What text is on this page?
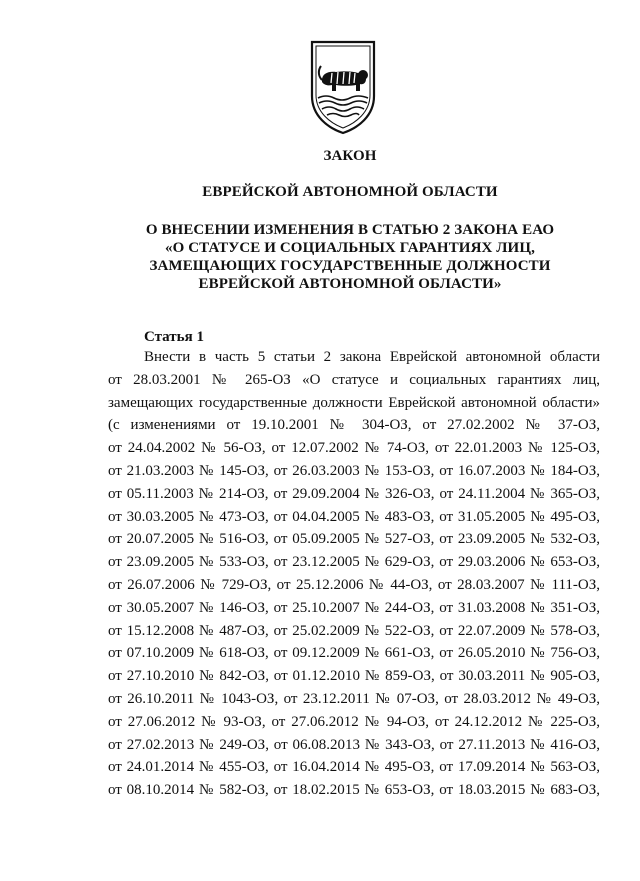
ЗАКОН
ЕВРЕЙСКОЙ АВТОНОМНОЙ ОБЛАСТИ
О ВНЕСЕНИИ ИЗМЕНЕНИЯ В СТАТЬЮ 2 ЗАКОНА ЕАО
«О СТАТУСЕ И СОЦИАЛЬНЫХ ГАРАНТИЯХ ЛИЦ,
ЗАМЕЩАЮЩИХ ГОСУДАРСТВЕННЫЕ ДОЛЖНОСТИ
ЕВРЕЙСКОЙ АВТОНОМНОЙ ОБЛАСТИ»
Статья 1
Внести в часть 5 статьи 2 закона Еврейской автономной области
от 28.03.2001 № 265-ОЗ «О статусе и социальных гарантиях лиц,
замещающих государственные должности Еврейской автономной области»
(с изменениями от 19.10.2001 № 304-ОЗ, от 27.02.2002 № 37-ОЗ,
от 24.04.2002 № 56-ОЗ, от 12.07.2002 № 74-ОЗ, от 22.01.2003 № 125-ОЗ,
от 21.03.2003 № 145-ОЗ, от 26.03.2003 № 153-ОЗ, от 16.07.2003 № 184-ОЗ,
от 05.11.2003 № 214-ОЗ, от 29.09.2004 № 326-ОЗ, от 24.11.2004 № 365-ОЗ,
от 30.03.2005 № 473-ОЗ, от 04.04.2005 № 483-ОЗ, от 31.05.2005 № 495-ОЗ,
от 20.07.2005 № 516-ОЗ, от 05.09.2005 № 527-ОЗ, от 23.09.2005 № 532-ОЗ,
от 23.09.2005 № 533-ОЗ, от 23.12.2005 № 629-ОЗ, от 29.03.2006 № 653-ОЗ,
от 26.07.2006 № 729-ОЗ, от 25.12.2006 № 44-ОЗ, от 28.03.2007 № 111-ОЗ,
от 30.05.2007 № 146-ОЗ, от 25.10.2007 № 244-ОЗ, от 31.03.2008 № 351-ОЗ,
от 15.12.2008 № 487-ОЗ, от 25.02.2009 № 522-ОЗ, от 22.07.2009 № 578-ОЗ,
от 07.10.2009 № 618-ОЗ, от 09.12.2009 № 661-ОЗ, от 26.05.2010 № 756-ОЗ,
от 27.10.2010 № 842-ОЗ, от 01.12.2010 № 859-ОЗ, от 30.03.2011 № 905-ОЗ,
от 26.10.2011 № 1043-ОЗ, от 23.12.2011 № 07-ОЗ, от 28.03.2012 № 49-ОЗ,
от 27.06.2012 № 93-ОЗ, от 27.06.2012 № 94-ОЗ, от 24.12.2012 № 225-ОЗ,
от 27.02.2013 № 249-ОЗ, от 06.08.2013 № 343-ОЗ, от 27.11.2013 № 416-ОЗ,
от 24.01.2014 № 455-ОЗ, от 16.04.2014 № 495-ОЗ, от 17.09.2014 № 563-ОЗ,
от 08.10.2014 № 582-ОЗ, от 18.02.2015 № 653-ОЗ, от 18.03.2015 № 683-ОЗ,
